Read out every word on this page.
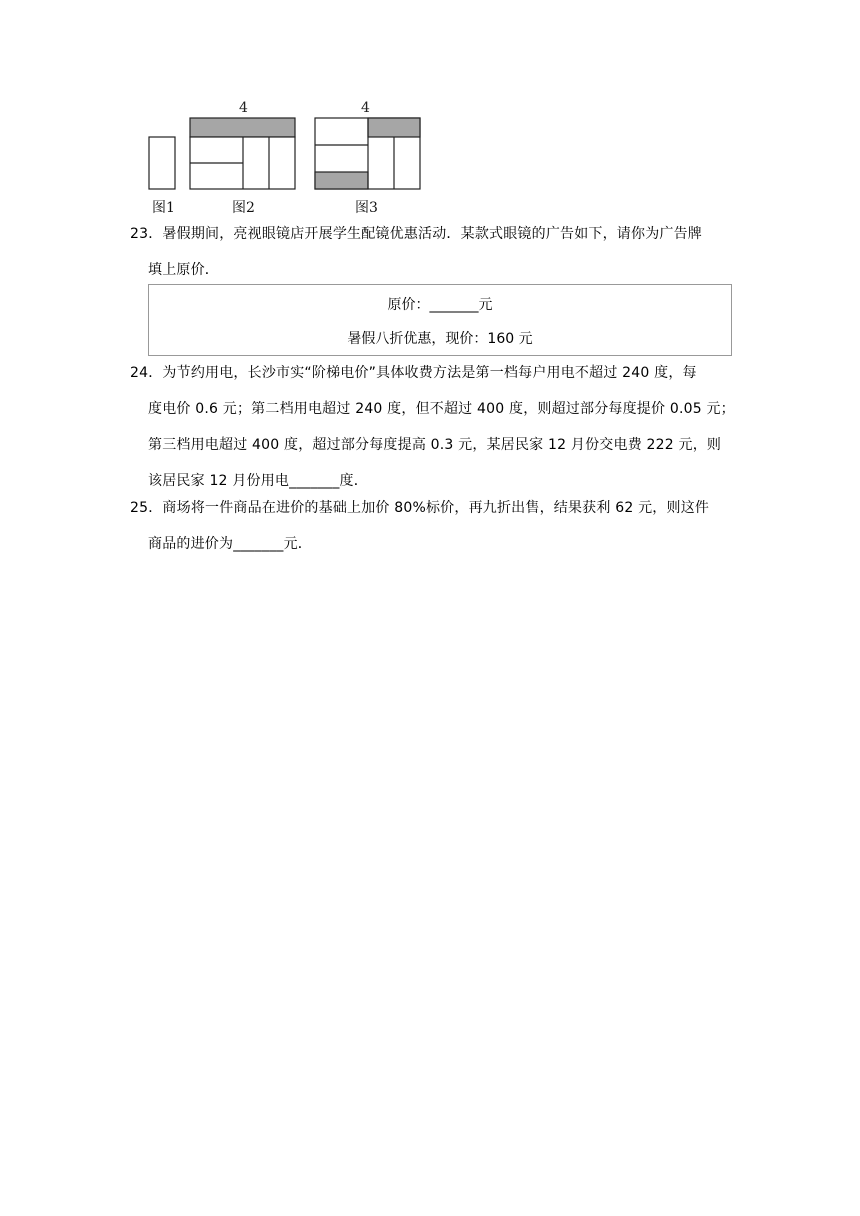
4	4
图1	图2	图3
23．暑假期间，亮视眼镜店开展学生配镜优惠活动．某款式眼镜的广告如下，请你为广告牌
填上原价．
原价：_______元
暑假八折优惠，现价：160 元
24．为节约用电，长沙市实“阶梯电价”具体收费方法是第一档每户用电不超过 240 度，每
度电价 0.6 元；第二档用电超过 240 度，但不超过 400 度，则超过部分每度提价 0.05 元；
第三档用电超过 400 度，超过部分每度提高 0.3 元，某居民家 12 月份交电费 222 元，则
该居民家 12 月份用电_______度．
25．商场将一件商品在进价的基础上加价 80%标价，再九折出售，结果获利 62 元，则这件
商品的进价为_______元．
